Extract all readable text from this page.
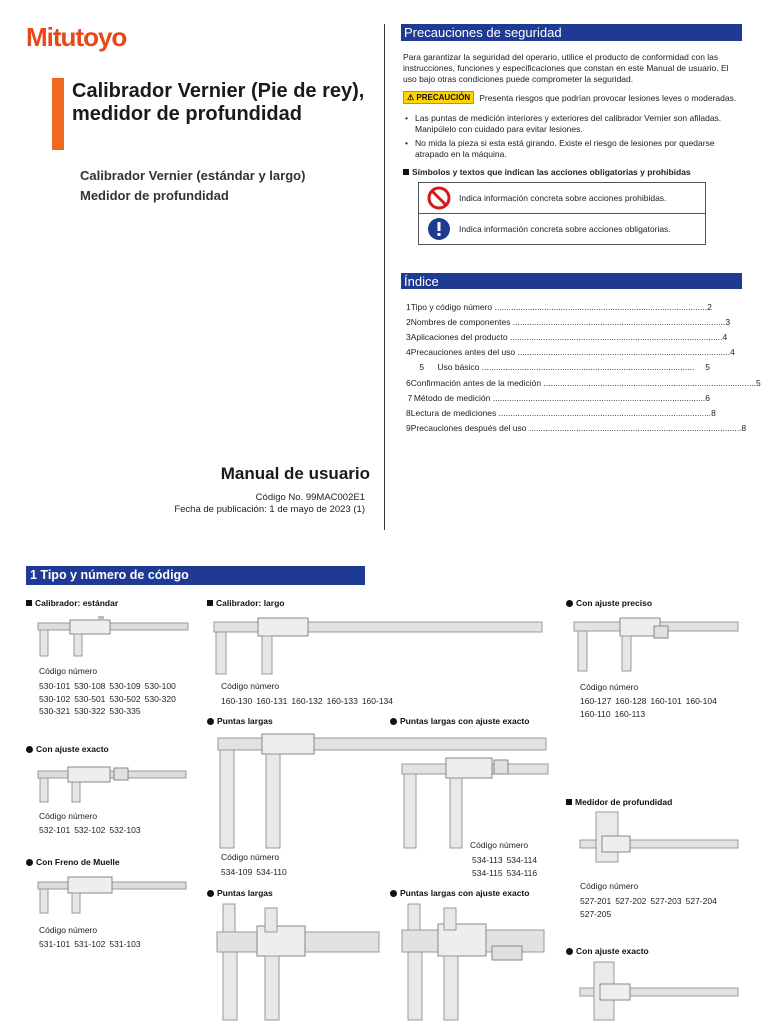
Mitutoyo
Calibrador Vernier (Pie de rey), medidor de profundidad
Calibrador Vernier (estándar y largo)
Medidor de profundidad
Manual de usuario
Código No. 99MAC002E1
Fecha de publicación: 1 de mayo de 2023 (1)
Precauciones de seguridad
Para garantizar la seguridad del operario, utilice el producto de conformidad con las instrucciones, funciones y especificaciones que constan en este Manual de usuario. El uso bajo otras condiciones puede comprometer la seguridad.
⚠ PRECAUCIÓN	Presenta riesgos que podrían provocar lesiones leves o moderadas.
• Las puntas de medición interiores y exteriores del calibrador Vernier son afiladas. Manipúlelo con cuidado para evitar lesiones.
• No mida la pieza si esta está girando. Existe el riesgo de lesiones por quedarse atrapado en la máquina.
Símbolos y textos que indican las acciones obligatorias y prohibidas
Indica información concreta sobre acciones prohibidas.
Indica información concreta sobre acciones obligatorias.
Índice
1 Tipo y código número .......................................................................................... 2
2 Nombres de componentes .......................................................................................... 3
3 Aplicaciones del producto .......................................................................................... 4
4 Precauciones antes del uso .......................................................................................... 4
5	Uso básico ..........................................................................................	5
6 Confirmación antes de la medición .......................................................................................... 5
7 Método de medición .......................................................................................... 6
8 Lectura de mediciones .......................................................................................... 8
9 Precauciones después del uso .......................................................................................... 8
1 Tipo y número de código
Calibrador: estándar
Código número
530-101 530-108 530-109 530-100
530-102 530-501 530-502 530-320
530-321 530-322 530-335
Con ajuste exacto
Código número
532-101 532-102 532-103
Con Freno de Muelle
Código número
531-101 531-102 531-103
Calibrador: largo
Código número
160-130 160-131 160-132 160-133 160-134
Puntas largas
Código número
534-109 534-110
Puntas largas con ajuste exacto
Código número
534-113 534-114
534-115 534-116
Puntas largas	Puntas largas con ajuste exacto
Con ajuste preciso
Código número
160-127 160-128 160-101 160-104
160-110 160-113
Medidor de profundidad
Código número
527-201 527-202 527-203 527-204
527-205
Con ajuste exacto
